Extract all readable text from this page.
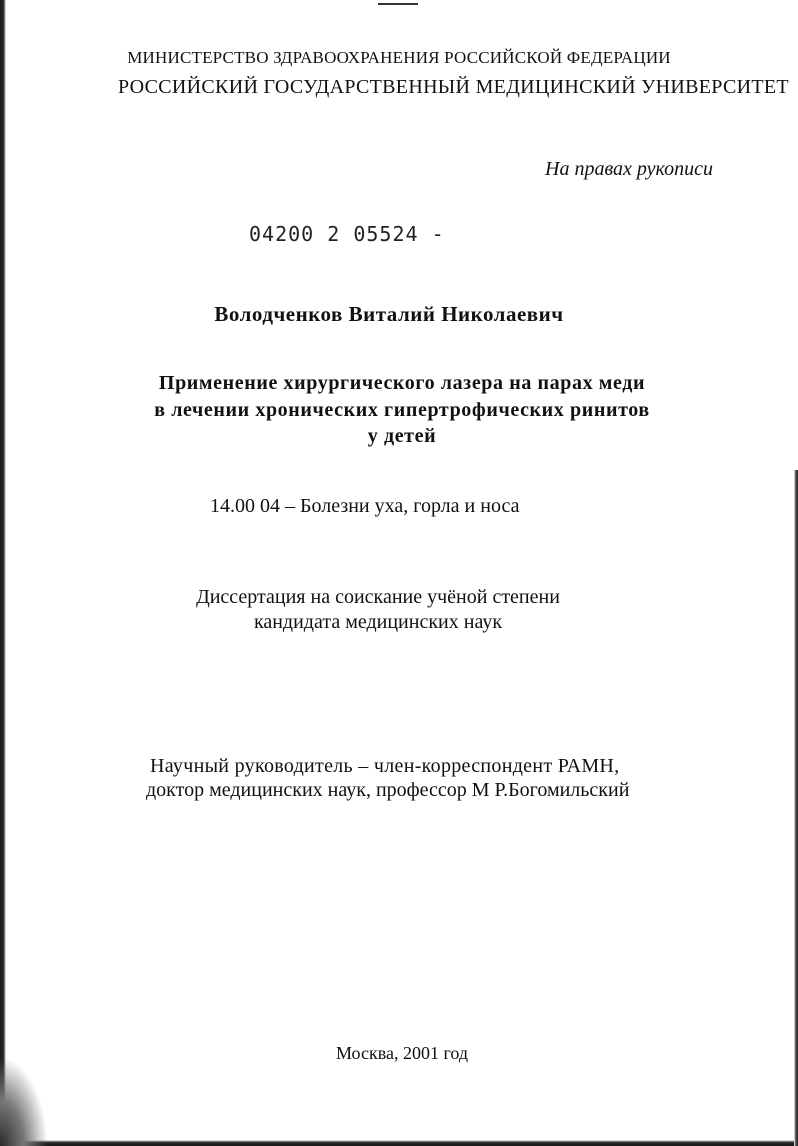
МИНИСТЕРСТВО ЗДРАВООХРАНЕНИЯ РОССИЙСКОЙ ФЕДЕРАЦИИ
РОССИЙСКИЙ ГОСУДАРСТВЕННЫЙ МЕДИЦИНСКИЙ УНИВЕРСИТЕТ
На правах рукописи
04200 2 05524 -
Володченков Виталий Николаевич
Применение хирургического лазера на парах меди
в лечении хронических гипертрофических ринитов
у детей
14.00 04 – Болезни уха, горла и носа
Диссертация на соискание учёной степени
кандидата медицинских наук
Научный руководитель – член-корреспондент РАМН,
доктор медицинских наук, профессор М Р.Богомильский
Москва, 2001 год
